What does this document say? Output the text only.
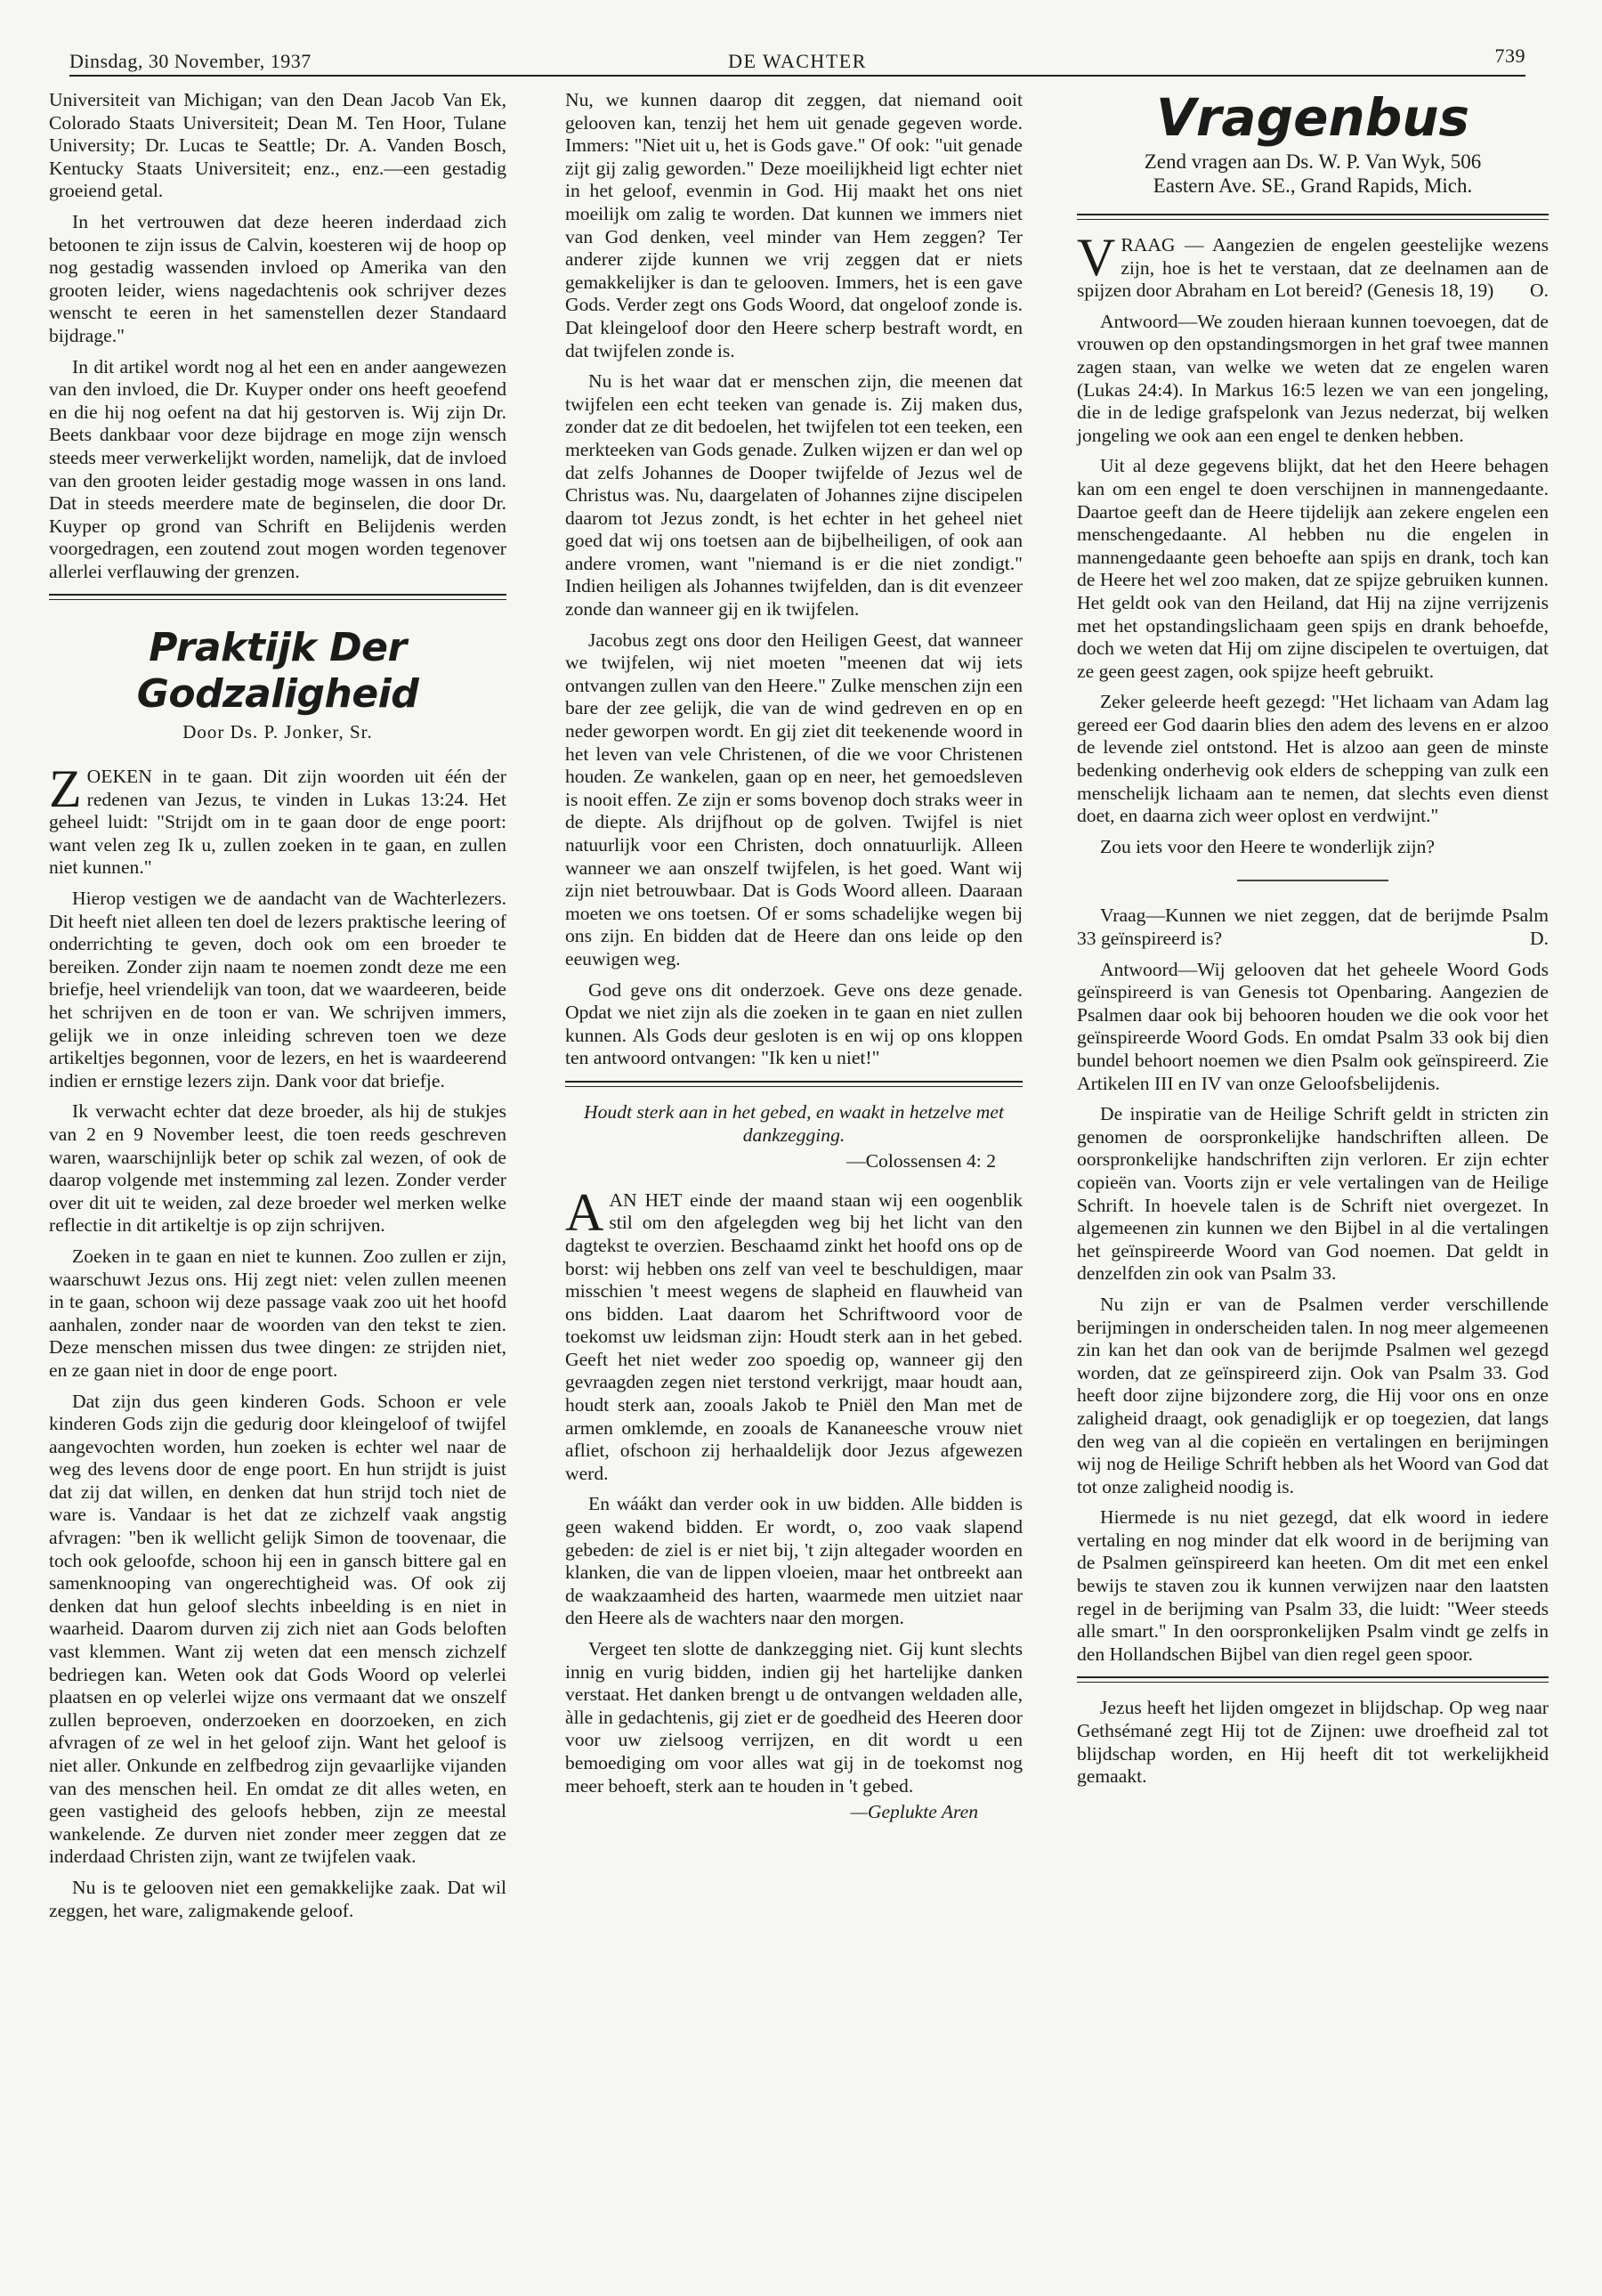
Dinsdag, 30 November, 1937	DE WACHTER	739

Universiteit van Michigan; van den Dean Jacob Van Ek, Colorado Staats Universiteit; Dean M. Ten Hoor, Tulane University; Dr. Lucas te Seattle; Dr. A. Vanden Bosch, Kentucky Staats Universiteit; enz., enz.—een gestadig groeiend getal.

In het vertrouwen dat deze heeren inderdaad zich betoonen te zijn issus de Calvin, koesteren wij de hoop op nog gestadig wassenden invloed op Amerika van den grooten leider, wiens nagedachtenis ook schrijver dezes wenscht te eeren in het samenstellen dezer Standaard bijdrage."

In dit artikel wordt nog al het een en ander aangewezen van den invloed, die Dr. Kuyper onder ons heeft geoefend en die hij nog oefent na dat hij gestorven is. Wij zijn Dr. Beets dankbaar voor deze bijdrage en moge zijn wensch steeds meer verwerkelijkt worden, namelijk, dat de invloed van den grooten leider gestadig moge wassen in ons land. Dat in steeds meerdere mate de beginselen, die door Dr. Kuyper op grond van Schrift en Belijdenis werden voorgedragen, een zoutend zout mogen worden tegenover allerlei verflauwing der grenzen.

Praktijk Der Godzaligheid
Door Ds. P. Jonker, Sr.

ZOEKEN in te gaan. Dit zijn woorden uit één der redenen van Jezus, te vinden in Lukas 13:24. Het geheel luidt: "Strijdt om in te gaan door de enge poort: want velen zeg Ik u, zullen zoeken in te gaan, en zullen niet kunnen."

Hierop vestigen we de aandacht van de Wachterlezers. Dit heeft niet alleen ten doel de lezers praktische leering of onderrichting te geven, doch ook om een broeder te bereiken. Zonder zijn naam te noemen zondt deze me een briefje, heel vriendelijk van toon, dat we waardeeren, beide het schrijven en de toon er van. We schrijven immers, gelijk we in onze inleiding schreven toen we deze artikeltjes begonnen, voor de lezers, en het is waardeerend indien er ernstige lezers zijn. Dank voor dat briefje.

Ik verwacht echter dat deze broeder, als hij de stukjes van 2 en 9 November leest, die toen reeds geschreven waren, waarschijnlijk beter op schik zal wezen, of ook de daarop volgende met instemming zal lezen. Zonder verder over dit uit te weiden, zal deze broeder wel merken welke reflectie in dit artikeltje is op zijn schrijven.

Zoeken in te gaan en niet te kunnen. Zoo zullen er zijn, waarschuwt Jezus ons. Hij zegt niet: velen zullen meenen in te gaan, schoon wij deze passage vaak zoo uit het hoofd aanhalen, zonder naar de woorden van den tekst te zien. Deze menschen missen dus twee dingen: ze strijden niet, en ze gaan niet in door de enge poort.

Dat zijn dus geen kinderen Gods. Schoon er vele kinderen Gods zijn die gedurig door kleingeloof of twijfel aangevochten worden, hun zoeken is echter wel naar de weg des levens door de enge poort. En hun strijdt is juist dat zij dat willen, en denken dat hun strijd toch niet de ware is. Vandaar is het dat ze zichzelf vaak angstig afvragen: "ben ik wellicht gelijk Simon de toovenaar, die toch ook geloofde, schoon hij een in gansch bittere gal en samenknooping van ongerechtigheid was. Of ook zij denken dat hun geloof slechts inbeelding is en niet in waarheid. Daarom durven zij zich niet aan Gods beloften vast klemmen. Want zij weten dat een mensch zichzelf bedriegen kan. Weten ook dat Gods Woord op velerlei plaatsen en op velerlei wijze ons vermaant dat we onszelf zullen beproeven, onderzoeken en doorzoeken, en zich afvragen of ze wel in het geloof zijn. Want het geloof is niet aller. Onkunde en zelfbedrog zijn gevaarlijke vijanden van des menschen heil. En omdat ze dit alles weten, en geen vastigheid des geloofs hebben, zijn ze meestal wankelende. Ze durven niet zonder meer zeggen dat ze inderdaad Christen zijn, want ze twijfelen vaak.

Nu is te gelooven niet een gemakkelijke zaak. Dat wil zeggen, het ware, zaligmakende geloof.

Nu, we kunnen daarop dit zeggen, dat niemand ooit gelooven kan, tenzij het hem uit genade gegeven worde. Immers: "Niet uit u, het is Gods gave." Of ook: "uit genade zijt gij zalig geworden." Deze moeilijkheid ligt echter niet in het geloof, evenmin in God. Hij maakt het ons niet moeilijk om zalig te worden. Dat kunnen we immers niet van God denken, veel minder van Hem zeggen? Ter anderer zijde kunnen we vrij zeggen dat er niets gemakkelijker is dan te gelooven. Immers, het is een gave Gods. Verder zegt ons Gods Woord, dat ongeloof zonde is. Dat kleingeloof door den Heere scherp bestraft wordt, en dat twijfelen zonde is.

Nu is het waar dat er menschen zijn, die meenen dat twijfelen een echt teeken van genade is. Zij maken dus, zonder dat ze dit bedoelen, het twijfelen tot een teeken, een merkteeken van Gods genade. Zulken wijzen er dan wel op dat zelfs Johannes de Dooper twijfelde of Jezus wel de Christus was. Nu, daargelaten of Johannes zijne discipelen daarom tot Jezus zondt, is het echter in het geheel niet goed dat wij ons toetsen aan de bijbelheiligen, of ook aan andere vromen, want "niemand is er die niet zondigt." Indien heiligen als Johannes twijfelden, dan is dit evenzeer zonde dan wanneer gij en ik twijfelen.

Jacobus zegt ons door den Heiligen Geest, dat wanneer we twijfelen, wij niet moeten "meenen dat wij iets ontvangen zullen van den Heere." Zulke menschen zijn een bare der zee gelijk, die van de wind gedreven en op en neder geworpen wordt. En gij ziet dit teekenende woord in het leven van vele Christenen, of die we voor Christenen houden. Ze wankelen, gaan op en neer, het gemoedsleven is nooit effen. Ze zijn er soms bovenop doch straks weer in de diepte. Als drijfhout op de golven. Twijfel is niet natuurlijk voor een Christen, doch onnatuurlijk. Alleen wanneer we aan onszelf twijfelen, is het goed. Want wij zijn niet betrouwbaar. Dat is Gods Woord alleen. Daaraan moeten we ons toetsen. Of er soms schadelijke wegen bij ons zijn. En bidden dat de Heere dan ons leide op den eeuwigen weg.

God geve ons dit onderzoek. Geve ons deze genade. Opdat we niet zijn als die zoeken in te gaan en niet zullen kunnen. Als Gods deur gesloten is en wij op ons kloppen ten antwoord ontvangen: "Ik ken u niet!"

Houdt sterk aan in het gebed, en waakt in hetzelve met dankzegging.
—Colossensen 4: 2

AAN HET einde der maand staan wij een oogenblik stil om den afgelegden weg bij het licht van den dagtekst te overzien. Beschaamd zinkt het hoofd ons op de borst: wij hebben ons zelf van veel te beschuldigen, maar misschien 't meest wegens de slapheid en flauwheid van ons bidden. Laat daarom het Schriftwoord voor de toekomst uw leidsman zijn: Houdt sterk aan in het gebed. Geeft het niet weder zoo spoedig op, wanneer gij den gevraagden zegen niet terstond verkrijgt, maar houdt aan, houdt sterk aan, zooals Jakob te Pniël den Man met de armen omklemde, en zooals de Kananeesche vrouw niet afliet, ofschoon zij herhaaldelijk door Jezus afgewezen werd.

En wáákt dan verder ook in uw bidden. Alle bidden is geen wakend bidden. Er wordt, o, zoo vaak slapend gebeden: de ziel is er niet bij, 't zijn altegader woorden en klanken, die van de lippen vloeien, maar het ontbreekt aan de waakzaamheid des harten, waarmede men uitziet naar den Heere als de wachters naar den morgen.

Vergeet ten slotte de dankzegging niet. Gij kunt slechts innig en vurig bidden, indien gij het hartelijke danken verstaat. Het danken brengt u de ontvangen weldaden alle, àlle in gedachtenis, gij ziet er de goedheid des Heeren door voor uw zielsoog verrijzen, en dit wordt u een bemoediging om voor alles wat gij in de toekomst nog meer behoeft, sterk aan te houden in 't gebed.

—Geplukte Aren
Vragenbus
Zend vragen aan Ds. W. P. Van Wyk, 506
Eastern Ave. SE., Grand Rapids, Mich.

VRAAG — Aangezien de engelen geestelijke wezens zijn, hoe is het te verstaan, dat ze deelnamen aan de spijzen door Abraham en Lot bereid? (Genesis 18, 19) O.

Antwoord—We zouden hieraan kunnen toevoegen, dat de vrouwen op den opstandingsmorgen in het graf twee mannen zagen staan, van welke we weten dat ze engelen waren (Lukas 24:4). In Markus 16:5 lezen we van een jongeling, die in de ledige grafspelonk van Jezus nederzat, bij welken jongeling we ook aan een engel te denken hebben.

Uit al deze gegevens blijkt, dat het den Heere behagen kan om een engel te doen verschijnen in mannengedaante. Daartoe geeft dan de Heere tijdelijk aan zekere engelen een menschengedaante. Al hebben nu die engelen in mannengedaante geen behoefte aan spijs en drank, toch kan de Heere het wel zoo maken, dat ze spijze gebruiken kunnen. Het geldt ook van den Heiland, dat Hij na zijne verrijzenis met het opstandingslichaam geen spijs en drank behoefde, doch we weten dat Hij om zijne discipelen te overtuigen, dat ze geen geest zagen, ook spijze heeft gebruikt.

Zeker geleerde heeft gezegd: "Het lichaam van Adam lag gereed eer God daarin blies den adem des levens en er alzoo de levende ziel ontstond. Het is alzoo aan geen de minste bedenking onderhevig ook elders de schepping van zulk een menschelijk lichaam aan te nemen, dat slechts even dienst doet, en daarna zich weer oplost en verdwijnt."

Zou iets voor den Heere te wonderlijk zijn?

Vraag—Kunnen we niet zeggen, dat de berijmde Psalm 33 geïnspireerd is?	D.

Antwoord—Wij gelooven dat het geheele Woord Gods geïnspireerd is van Genesis tot Openbaring. Aangezien de Psalmen daar ook bij behooren houden we die ook voor het geïnspireerde Woord Gods. En omdat Psalm 33 ook bij dien bundel behoort noemen we dien Psalm ook geïnspireerd. Zie Artikelen III en IV van onze Geloofsbelijdenis.

De inspiratie van de Heilige Schrift geldt in stricten zin genomen de oorspronkelijke handschriften alleen. De oorspronkelijke handschriften zijn verloren. Er zijn echter copieën van. Voorts zijn er vele vertalingen van de Heilige Schrift. In hoevele talen is de Schrift niet overgezet. In algemeenen zin kunnen we den Bijbel in al die vertalingen het geïnspireerde Woord van God noemen. Dat geldt in denzelfden zin ook van Psalm 33.

Nu zijn er van de Psalmen verder verschillende berijmingen in onderscheiden talen. In nog meer algemeenen zin kan het dan ook van de berijmde Psalmen wel gezegd worden, dat ze geïnspireerd zijn. Ook van Psalm 33. God heeft door zijne bijzondere zorg, die Hij voor ons en onze zaligheid draagt, ook genadiglijk er op toegezien, dat langs den weg van al die copieën en vertalingen en berijmingen wij nog de Heilige Schrift hebben als het Woord van God dat tot onze zaligheid noodig is.

Hiermede is nu niet gezegd, dat elk woord in iedere vertaling en nog minder dat elk woord in de berijming van de Psalmen geïnspireerd kan heeten. Om dit met een enkel bewijs te staven zou ik kunnen verwijzen naar den laatsten regel in de berijming van Psalm 33, die luidt: "Weer steeds alle smart." In den oorspronkelijken Psalm vindt ge zelfs in den Hollandschen Bijbel van dien regel geen spoor.

Jezus heeft het lijden omgezet in blijdschap. Op weg naar Gethsémané zegt Hij tot de Zijnen: uwe droefheid zal tot blijdschap worden, en Hij heeft dit tot werkelijkheid gemaakt.
